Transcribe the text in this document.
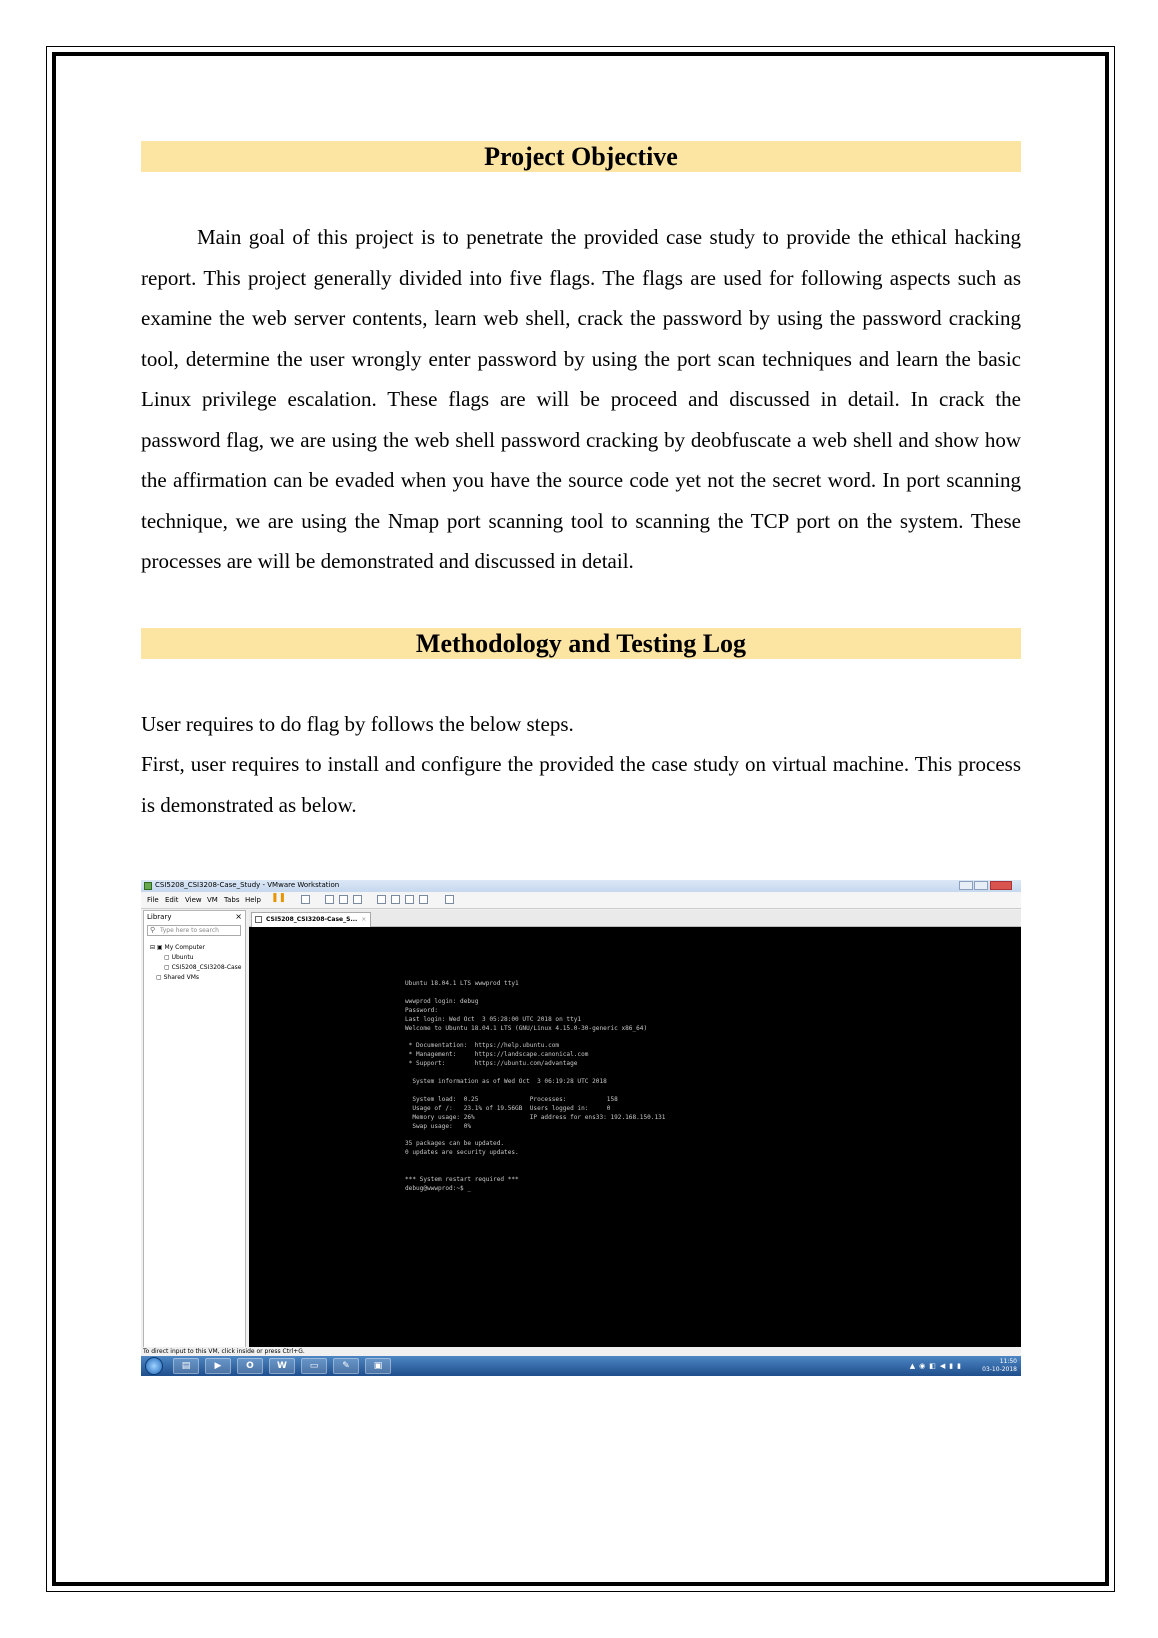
Project Objective

Main goal of this project is to penetrate the provided case study to provide the ethical hacking report. This project generally divided into five flags. The flags are used for following aspects such as examine the web server contents, learn web shell, crack the password by using the password cracking tool, determine the user wrongly enter password by using the port scan techniques and learn the basic Linux privilege escalation. These flags are will be proceed and discussed in detail. In crack the password flag, we are using the web shell password cracking by deobfuscate a web shell and show how the affirmation can be evaded when you have the source code yet not the secret word. In port scanning technique, we are using the Nmap port scanning tool to scanning the TCP port on the system. These processes are will be demonstrated and discussed in detail.

Methodology and Testing Log

User requires to do flag by follows the below steps.

First, user requires to install and configure the provided the case study on virtual machine. This process is demonstrated as below.

CSI5208_CSI3208-Case_Study - VMware Workstation
File Edit View VM Tabs Help ❚❚
Library	×
⚲ Type here to search
⊟ ▣ My Computer
▢ Ubuntu
▢ CSI5208_CSI3208-Case
▢ Shared VMs
CSI5208_CSI3208-Case_S... ×
Ubuntu 18.04.1 LTS wwwprod tty1

wwwprod login: debug
Password:
Last login: Wed Oct  3 05:28:00 UTC 2018 on tty1
Welcome to Ubuntu 18.04.1 LTS (GNU/Linux 4.15.0-30-generic x86_64)

* Documentation:  https://help.ubuntu.com
* Management:     https://landscape.canonical.com
* Support:        https://ubuntu.com/advantage

System information as of Wed Oct  3 06:19:28 UTC 2018

System load:  0.25              Processes:           158
Usage of /:   23.1% of 19.56GB  Users logged in:     0
Memory usage: 26%               IP address for ens33: 192.168.150.131
Swap usage:   0%

35 packages can be updated.
0 updates are security updates.

*** System restart required ***
debug@wwwprod:~$ _
To direct input to this VM, click inside or press Ctrl+G.
▤	▶	O	W	▭	✎	▣	▲◉◧◀▮▮
11:50
03-10-2018
